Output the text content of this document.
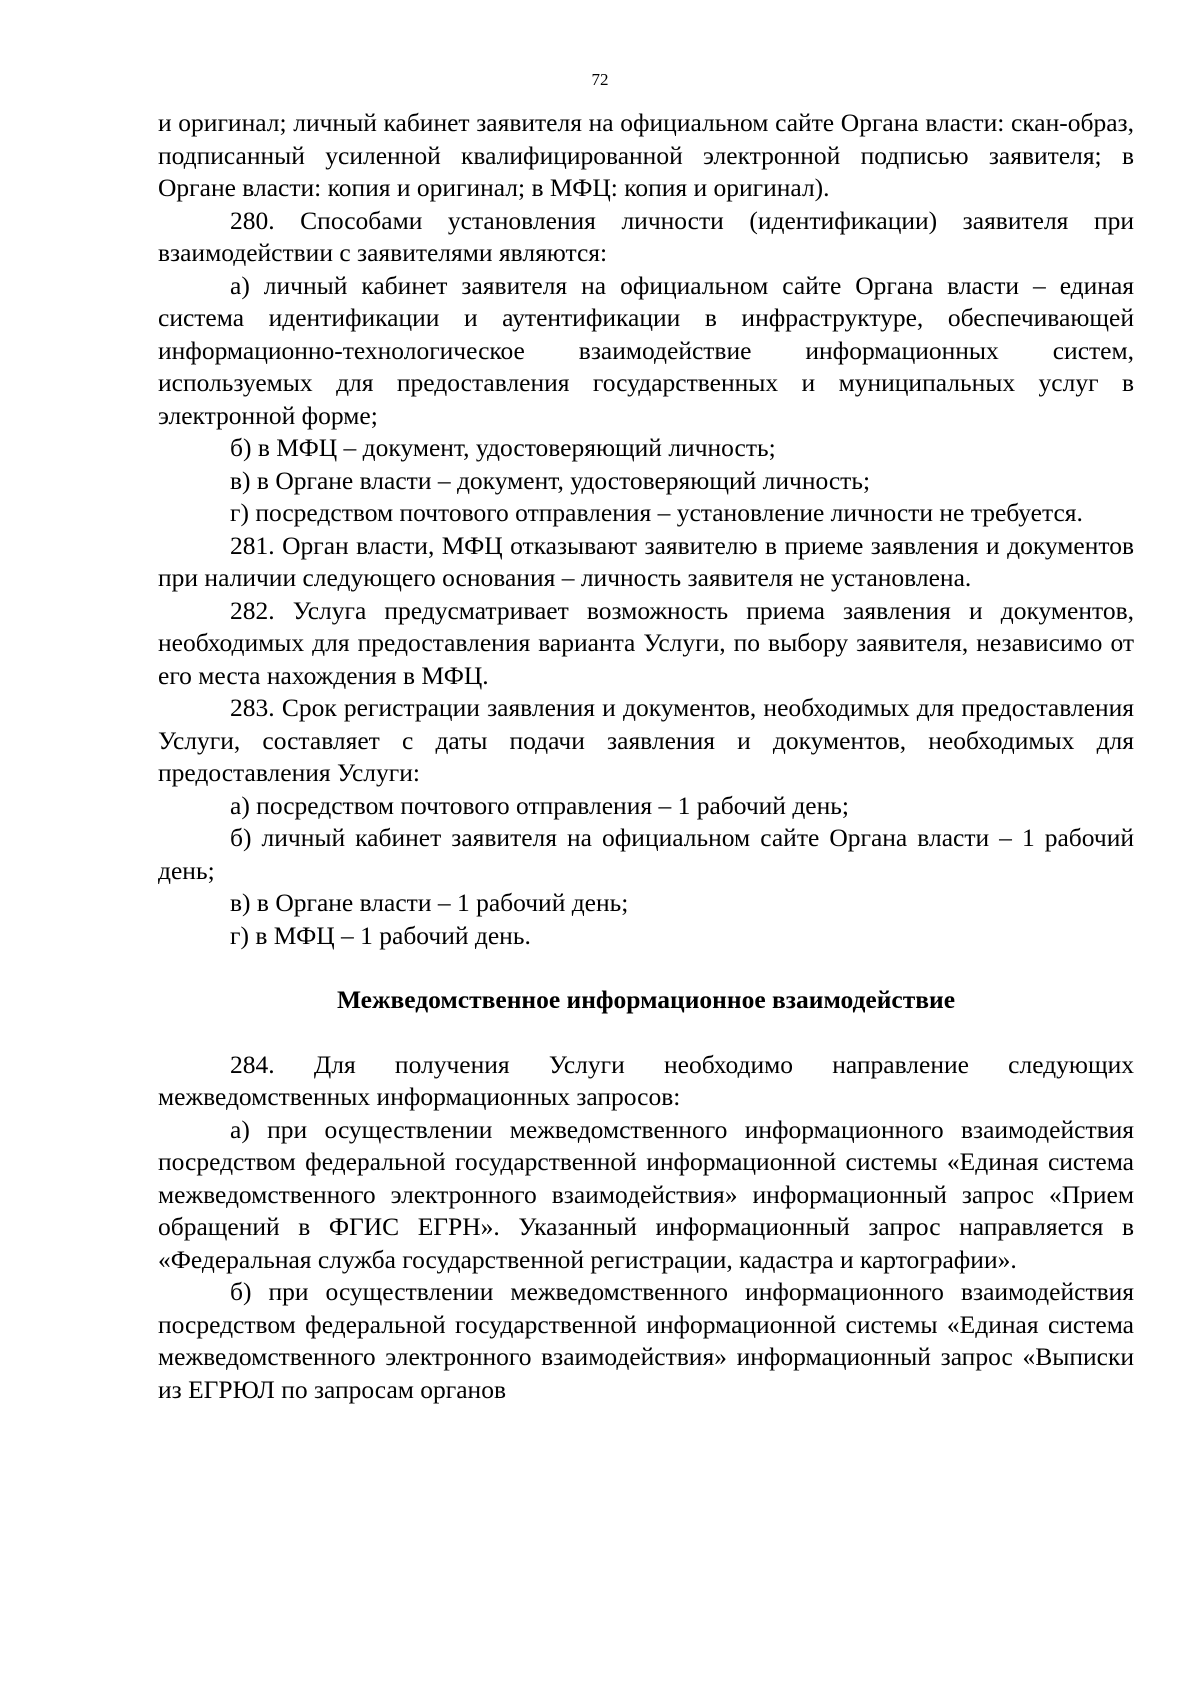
72

и оригинал; личный кабинет заявителя на официальном сайте Органа власти: скан-образ, подписанный усиленной квалифицированной электронной подписью заявителя; в Органе власти: копия и оригинал; в МФЦ: копия и оригинал).

280. Способами установления личности (идентификации) заявителя при взаимодействии с заявителями являются:

а) личный кабинет заявителя на официальном сайте Органа власти – единая система идентификации и аутентификации в инфраструктуре, обеспечивающей информационно-технологическое взаимодействие информационных систем, используемых для предоставления государственных и муниципальных услуг в электронной форме;

б) в МФЦ – документ, удостоверяющий личность;

в) в Органе власти – документ, удостоверяющий личность;

г) посредством почтового отправления – установление личности не требуется.

281. Орган власти, МФЦ отказывают заявителю в приеме заявления и документов при наличии следующего основания – личность заявителя не установлена.

282. Услуга предусматривает возможность приема заявления и документов, необходимых для предоставления варианта Услуги, по выбору заявителя, независимо от его места нахождения в МФЦ.

283. Срок регистрации заявления и документов, необходимых для предоставления Услуги, составляет с даты подачи заявления и документов, необходимых для предоставления Услуги:

а) посредством почтового отправления – 1 рабочий день;

б) личный кабинет заявителя на официальном сайте Органа власти – 1 рабочий день;

в) в Органе власти – 1 рабочий день;

г) в МФЦ – 1 рабочий день.

Межведомственное информационное взаимодействие

284. Для получения Услуги необходимо направление следующих межведомственных информационных запросов:

а) при осуществлении межведомственного информационного взаимодействия посредством федеральной государственной информационной системы «Единая система межведомственного электронного взаимодействия» информационный запрос «Прием обращений в ФГИС ЕГРН». Указанный информационный запрос направляется в «Федеральная служба государственной регистрации, кадастра и картографии».

б) при осуществлении межведомственного информационного взаимодействия посредством федеральной государственной информационной системы «Единая система межведомственного электронного взаимодействия» информационный запрос «Выписки из ЕГРЮЛ по запросам органов
